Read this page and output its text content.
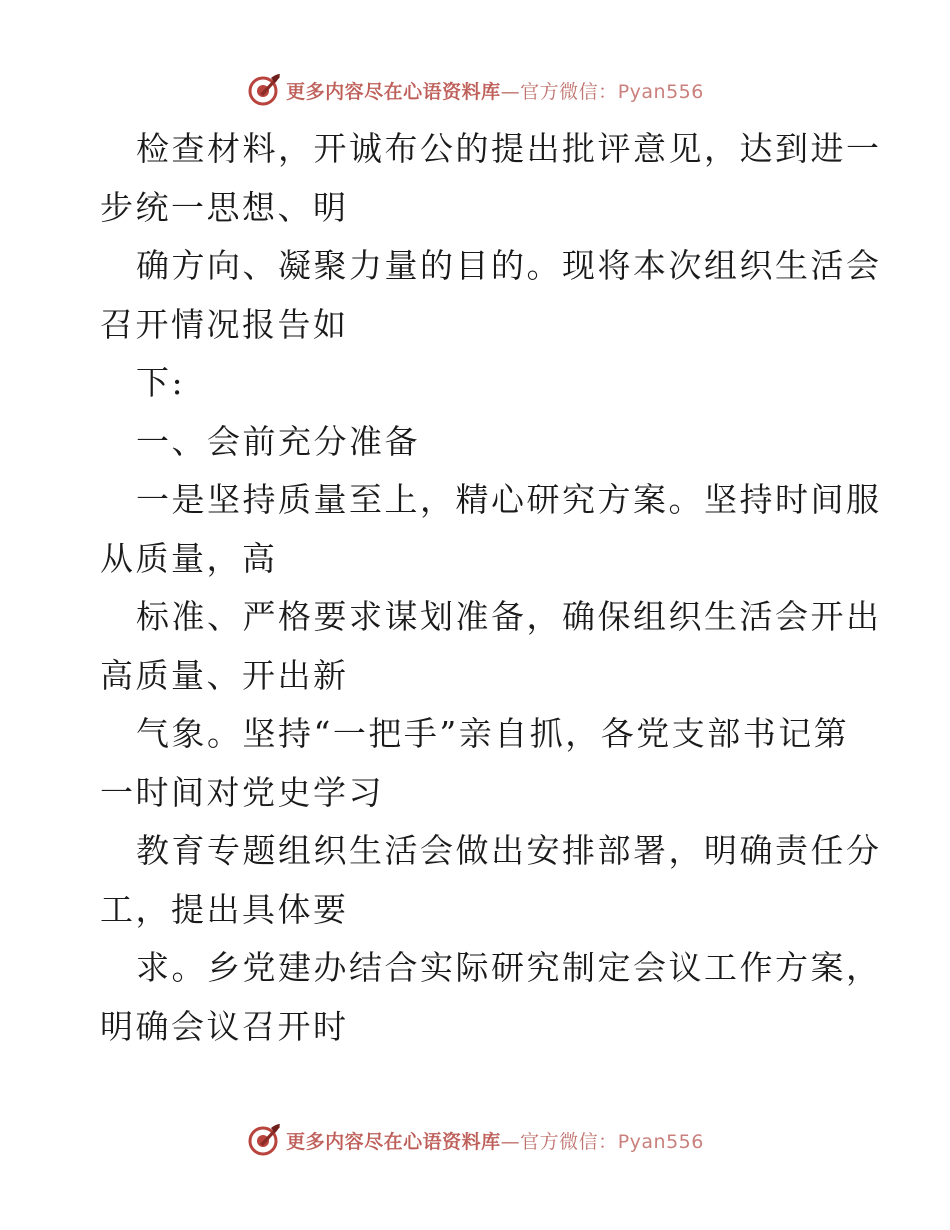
更多内容尽在心语资料库—官方微信：Pyan556
检查材料，开诚布公的提出批评意见，达到进一
步统一思想、明
确方向、凝聚力量的目的。现将本次组织生活会
召开情况报告如
下:
一、会前充分准备
一是坚持质量至上，精心研究方案。坚持时间服
从质量，高
标准、严格要求谋划准备，确保组织生活会开出
高质量、开出新
气象。坚持“一把手”亲自抓，各党支部书记第
一时间对党史学习
教育专题组织生活会做出安排部署，明确责任分
工，提出具体要
求。乡党建办结合实际研究制定会议工作方案，
明确会议召开时
更多内容尽在心语资料库—官方微信：Pyan556
